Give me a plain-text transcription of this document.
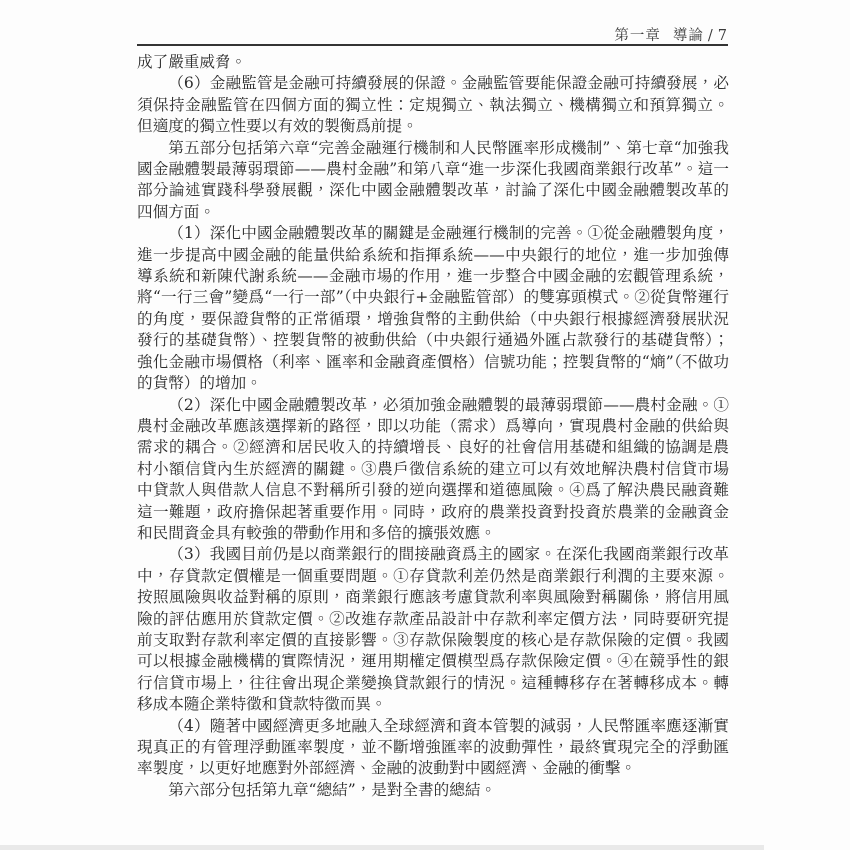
第一章 導論 / 7

成了嚴重威脅。

（6）金融監管是金融可持續發展的保證。金融監管要能保證金融可持續發展，必須保持金融監管在四個方面的獨立性：定規獨立、執法獨立、機構獨立和預算獨立。但適度的獨立性要以有效的製衡爲前提。

第五部分包括第六章“完善金融運行機制和人民幣匯率形成機制”、第七章“加強我國金融體製最薄弱環節——農村金融”和第八章“進一步深化我國商業銀行改革”。這一部分論述實踐科學發展觀，深化中國金融體製改革，討論了深化中國金融體製改革的四個方面。

（1）深化中國金融體製改革的關鍵是金融運行機制的完善。①從金融體製角度，進一步提高中國金融的能量供給系統和指揮系統——中央銀行的地位，進一步加強傳導系統和新陳代謝系統——金融市場的作用，進一步整合中國金融的宏觀管理系統，將“一行三會”變爲“一行一部”（中央銀行+金融監管部）的雙寡頭模式。②從貨幣運行的角度，要保證貨幣的正常循環，增強貨幣的主動供給（中央銀行根據經濟發展狀況發行的基礎貨幣）、控製貨幣的被動供給（中央銀行通過外匯占款發行的基礎貨幣）；強化金融市場價格（利率、匯率和金融資產價格）信號功能；控製貨幣的“熵”（不做功的貨幣）的增加。

（2）深化中國金融體製改革，必須加強金融體製的最薄弱環節——農村金融。①農村金融改革應該選擇新的路徑，即以功能（需求）爲導向，實現農村金融的供給與需求的耦合。②經濟和居民收入的持續增長、良好的社會信用基礎和組織的協調是農村小額信貸內生於經濟的關鍵。③農戶徵信系統的建立可以有效地解決農村信貸市場中貸款人與借款人信息不對稱所引發的逆向選擇和道德風險。④爲了解決農民融資難這一難題，政府擔保起著重要作用。同時，政府的農業投資對投資於農業的金融資金和民間資金具有較強的帶動作用和多倍的擴張效應。

（3）我國目前仍是以商業銀行的間接融資爲主的國家。在深化我國商業銀行改革中，存貸款定價權是一個重要問題。①存貸款利差仍然是商業銀行利潤的主要來源。按照風險與收益對稱的原則，商業銀行應該考慮貸款利率與風險對稱關係，將信用風險的評估應用於貸款定價。②改進存款產品設計中存款利率定價方法，同時要研究提前支取對存款利率定價的直接影響。③存款保險製度的核心是存款保險的定價。我國可以根據金融機構的實際情況，運用期權定價模型爲存款保險定價。④在競爭性的銀行信貸市場上，往往會出現企業變換貸款銀行的情況。這種轉移存在著轉移成本。轉移成本隨企業特徵和貸款特徵而異。

（4）隨著中國經濟更多地融入全球經濟和資本管製的減弱，人民幣匯率應逐漸實現真正的有管理浮動匯率製度，並不斷增強匯率的波動彈性，最終實現完全的浮動匯率製度，以更好地應對外部經濟、金融的波動對中國經濟、金融的衝擊。

第六部分包括第九章“總結”，是對全書的總結。
